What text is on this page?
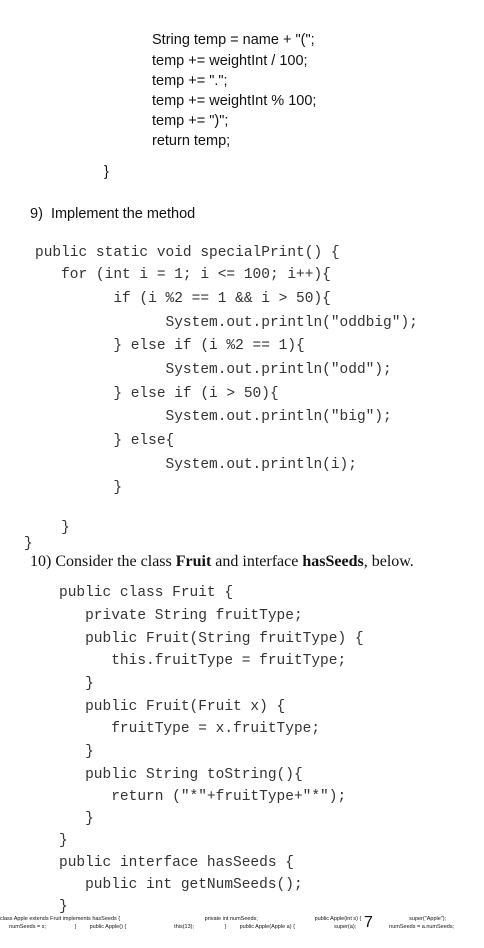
String temp = name + "(";
temp += weightInt / 100;
temp += ".";
temp += weightInt % 100;
temp += ")";
return temp;
}
9)  Implement the method
public static void specialPrint() {
for (int i = 1; i <= 100; i++){
if (i %2 == 1 && i > 50){
System.out.println("oddbig");
} else if (i %2 == 1){
System.out.println("odd");
} else if (i > 50){
System.out.println("big");
} else{
System.out.println(i);
}
}
}
10) Consider the class Fruit and interface hasSeeds, below.
public class Fruit {
private String fruitType;
public Fruit(String fruitType) {
this.fruitType = fruitType;
}
public Fruit(Fruit x) {
fruitType = x.fruitType;
}
public String toString(){
return ("*"+fruitType+"*");
}
}
public interface hasSeeds {
public int getNumSeeds();
}
7
class Apple extends Fruit implements hasSeeds {	private int numSeeds;	public Apple(int s) {	super("Apple");
numSeeds = s; } public Apple() {	this(13); } public Apple(Apple a) {	super(a); numSeeds = a.numSeeds;
